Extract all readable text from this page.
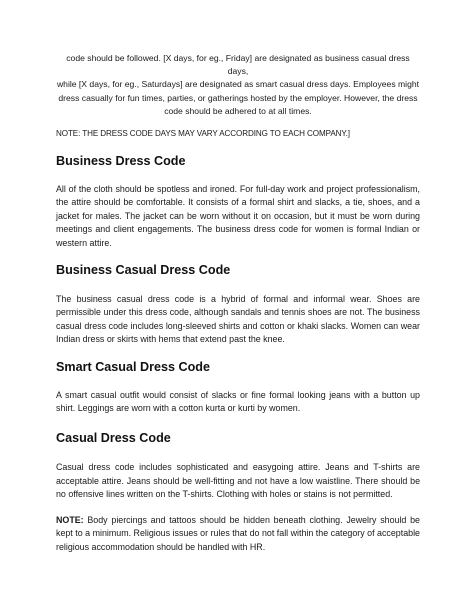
code should be followed. [X days, for eg., Friday] are designated as business casual dress days,
while [X days, for eg., Saturdays] are designated as smart casual dress days. Employees might
dress casually for fun times, parties, or gatherings hosted by the employer. However, the dress
code should be adhered to at all times.

NOTE: THE DRESS CODE DAYS MAY VARY ACCORDING TO EACH COMPANY.]

Business Dress Code

All of the cloth should be spotless and ironed. For full-day work and project professionalism, the attire should be comfortable. It consists of a formal shirt and slacks, a tie, shoes, and a jacket for males. The jacket can be worn without it on occasion, but it must be worn during meetings and client engagements. The business dress code for women is formal Indian or western attire.

Business Casual Dress Code

The business casual dress code is a hybrid of formal and informal wear. Shoes are permissible under this dress code, although sandals and tennis shoes are not. The business casual dress code includes long-sleeved shirts and cotton or khaki slacks. Women can wear Indian dress or skirts with hems that extend past the knee.

Smart Casual Dress Code

A smart casual outfit would consist of slacks or fine formal looking jeans with a button up shirt. Leggings are worn with a cotton kurta or kurti by women.

Casual Dress Code

Casual dress code includes sophisticated and easygoing attire. Jeans and T-shirts are acceptable attire. Jeans should be well-fitting and not have a low waistline. There should be no offensive lines written on the T-shirts. Clothing with holes or stains is not permitted.

NOTE: Body piercings and tattoos should be hidden beneath clothing. Jewelry should be kept to a minimum. Religious issues or rules that do not fall within the category of acceptable religious accommodation should be handled with HR.
